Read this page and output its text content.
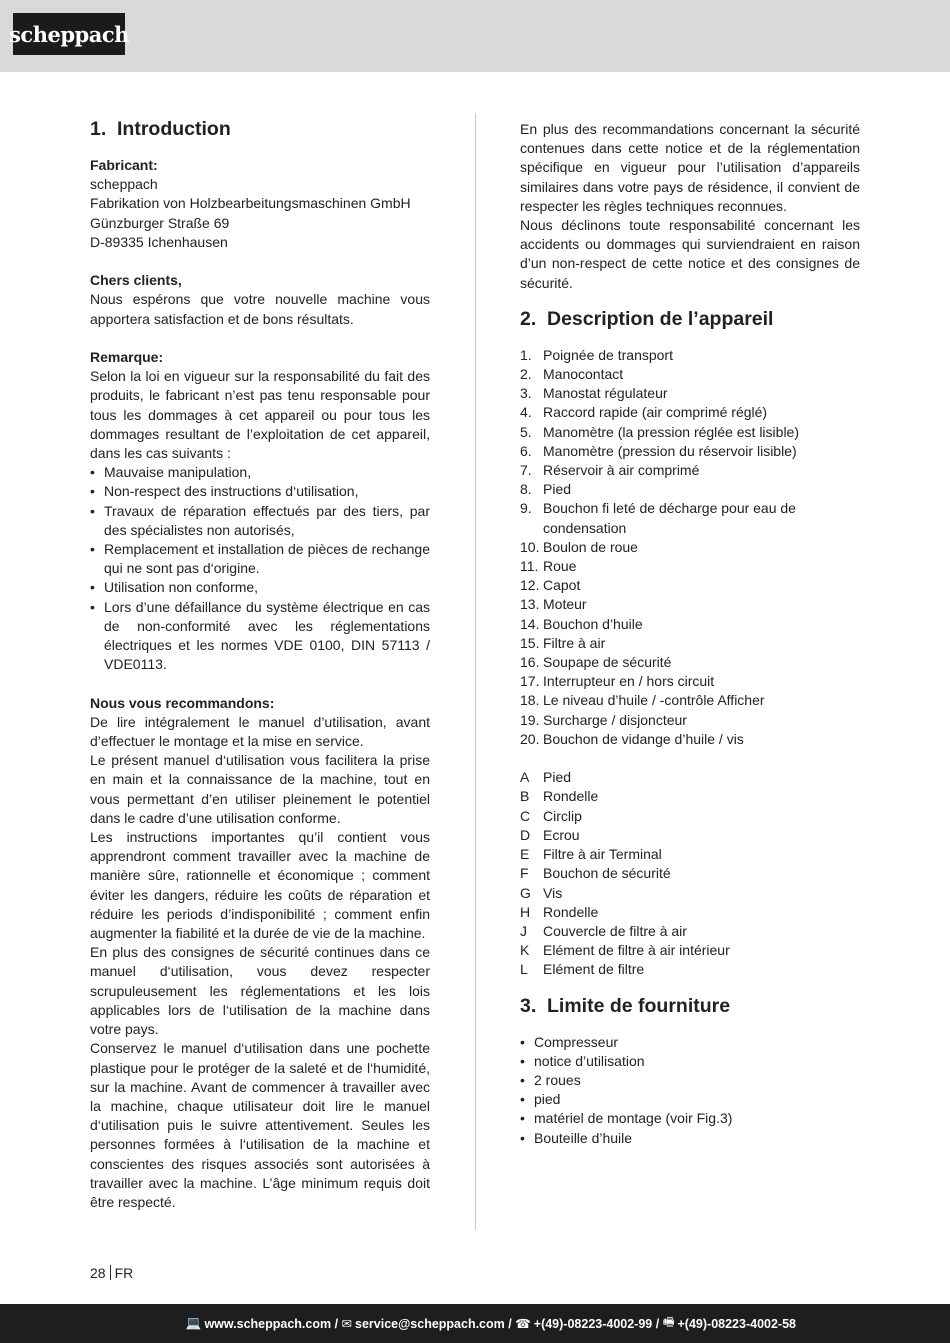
scheppach
1. Introduction

Fabricant:

scheppach

Fabrikation von Holzbearbeitungsmaschinen GmbH

Günzburger Straße 69

D-89335 Ichenhausen

Chers clients,

Nous espérons que votre nouvelle machine vous apportera satisfaction et de bons résultats.

Remarque:

Selon la loi en vigueur sur la responsabilité du fait des produits, le fabricant n’est pas tenu responsable pour tous les dommages à cet appareil ou pour tous les dommages resultant de l’exploitation de cet appareil, dans les cas suivants :

• Mauvaise manipulation,
• Non-respect des instructions d‘utilisation,
• Travaux de réparation effectués par des tiers, par des spécialistes non autorisés,
• Remplacement et installation de pièces de rechange qui ne sont pas d‘origine.
• Utilisation non conforme,
• Lors d’une défaillance du système électrique en cas de non-conformité avec les réglementations électriques et les normes VDE 0100, DIN 57113 / VDE0113.

Nous vous recommandons:

De lire intégralement le manuel d’utilisation, avant d’effectuer le montage et la mise en service.

Le présent manuel d‘utilisation vous facilitera la prise en main et la connaissance de la machine, tout en vous permettant d’en utiliser pleinement le potentiel dans le cadre d’une utilisation conforme.

Les instructions importantes qu’il contient vous apprendront comment travailler avec la machine de manière sûre, rationnelle et économique ; comment éviter les dangers, réduire les coûts de réparation et réduire les periods d’indisponibilité ; comment enfin augmenter la fiabilité et la durée de vie de la machine.

En plus des consignes de sécurité continues dans ce manuel d‘utilisation, vous devez respecter scrupuleusement les réglementations et les lois applicables lors de l‘utilisation de la machine dans votre pays.

Conservez le manuel d‘utilisation dans une pochette plastique pour le protéger de la saleté et de l‘humidité, sur la machine. Avant de commencer à travailler avec la machine, chaque utilisateur doit lire le manuel d‘utilisation puis le suivre attentivement. Seules les personnes formées à l‘utilisation de la machine et conscientes des risques associés sont autorisées à travailler avec la machine. L’âge minimum requis doit être respecté.

En plus des recommandations concernant la sécurité contenues dans cette notice et de la réglementation spécifique en vigueur pour l’utilisation d’appareils similaires dans votre pays de résidence, il convient de respecter les règles techniques reconnues.

Nous déclinons toute responsabilité concernant les accidents ou dommages qui surviendraient en raison d’un non-respect de cette notice et des consignes de sécurité.

2. Description de l’appareil
1. Poignée de transport
2. Manocontact
3. Manostat régulateur
4. Raccord rapide (air comprimé réglé)
5. Manomètre (la pression réglée est lisible)
6. Manomètre (pression du réservoir lisible)
7. Réservoir à air comprimé
8. Pied
9. Bouchon fi leté de décharge pour eau de condensation
10. Boulon de roue
11. Roue
12. Capot
13. Moteur
14. Bouchon d’huile
15. Filtre à air
16. Soupape de sécurité
17. Interrupteur en / hors circuit
18. Le niveau d’huile / -contrôle Afficher
19. Surcharge / disjoncteur
20. Bouchon de vidange d’huile / vis
A Pied
B Rondelle
C Circlip
D Ecrou
E Filtre à air Terminal
F	Bouchon de sécurité
G Vis
H Rondelle
J	Couvercle de filtre à air
K Elément de filtre à air intérieur
L	Elément de filtre
3. Limite de fourniture
• Compresseur
• notice d’utilisation
• 2 roues
• pied
• matériel de montage (voir Fig.3)
• Bouteille d’huile
28 FR
💻 www.scheppach.com / ✉ service@scheppach.com / ☎ +(49)-08223-4002-99 / 🖷 +(49)-08223-4002-58
